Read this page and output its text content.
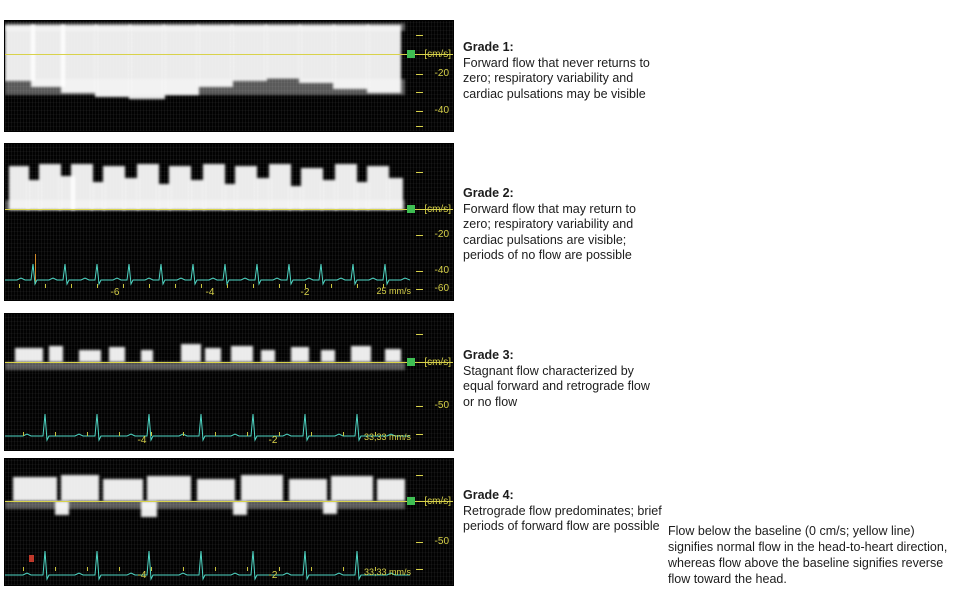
[cm/s]
-20
-40
Grade 1:
Forward flow that never returns to zero; respiratory variability and cardiac pulsations may be visible
[cm/s]
-20
-40
-60
-6	-4	-2	25 mm/s
Grade 2:
Forward flow that may return to zero; respiratory variability and cardiac pulsations are visible; periods of no flow are possible
[cm/s]
-50
-4	-2	33,33 mm/s
Grade 3:
Stagnant flow characterized by equal forward and retrograde flow or no flow
[cm/s]
-50
-4	-2	33,33 mm/s
Grade 4:
Retrograde flow predominates; brief periods of forward flow are possible Flow below the baseline (0 cm/s; yellow line) signifies normal flow in the head-to-heart direction, whereas flow above the baseline signifies reverse flow toward the head.
